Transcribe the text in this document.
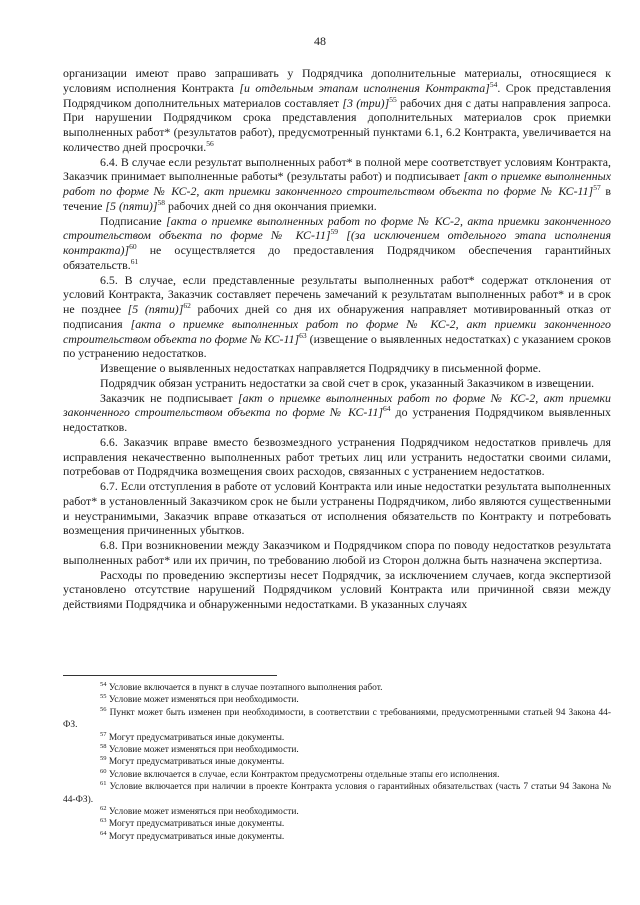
48

организации имеют право запрашивать у Подрядчика дополнительные материалы, относящиеся к условиям исполнения Контракта [и отдельным этапам исполнения Контракта]$^{54}$. Срок представления Подрядчиком дополнительных материалов составляет [3 (три)]$^{55}$ рабочих дня с даты направления запроса. При нарушении Подрядчиком срока представления дополнительных материалов срок приемки выполненных работ* (результатов работ), предусмотренный пунктами 6.1, 6.2 Контракта, увеличивается на количество дней просрочки.$^{56}$

6.4. В случае если результат выполненных работ* в полной мере соответствует условиям Контракта, Заказчик принимает выполненные работы* (результаты работ) и подписывает [акт о приемке выполненных работ по форме № КС-2, акт приемки законченного строительством объекта по форме № КС-11]$^{57}$ в течение [5 (пяти)]$^{58}$ рабочих дней со дня окончания приемки.

Подписание [акта о приемке выполненных работ по форме № КС-2, акта приемки законченного строительством объекта по форме № КС-11]$^{59}$ [(за исключением отдельного этапа исполнения контракта)]$^{60}$ не осуществляется до предоставления Подрядчиком обеспечения гарантийных обязательств.$^{61}$

6.5. В случае, если представленные результаты выполненных работ* содержат отклонения от условий Контракта, Заказчик составляет перечень замечаний к результатам выполненных работ* и в срок не позднее [5 (пяти)]$^{62}$ рабочих дней со дня их обнаружения направляет мотивированный отказ от подписания [акта о приемке выполненных работ по форме № КС-2, акт приемки законченного строительством объекта по форме № КС-11]$^{63}$ (извещение о выявленных недостатках) с указанием сроков по устранению недостатков.

Извещение о выявленных недостатках направляется Подрядчику в письменной форме.

Подрядчик обязан устранить недостатки за свой счет в срок, указанный Заказчиком в извещении.

Заказчик не подписывает [акт о приемке выполненных работ по форме № КС-2, акт приемки законченного строительством объекта по форме № КС-11]$^{64}$ до устранения Подрядчиком выявленных недостатков.

6.6. Заказчик вправе вместо безвозмездного устранения Подрядчиком недостатков привлечь для исправления некачественно выполненных работ третьих лиц или устранить недостатки своими силами, потребовав от Подрядчика возмещения своих расходов, связанных с устранением недостатков.

6.7. Если отступления в работе от условий Контракта или иные недостатки результата выполненных работ* в установленный Заказчиком срок не были устранены Подрядчиком, либо являются существенными и неустранимыми, Заказчик вправе отказаться от исполнения обязательств по Контракту и потребовать возмещения причиненных убытков.

6.8. При возникновении между Заказчиком и Подрядчиком спора по поводу недостатков результата выполненных работ* или их причин, по требованию любой из Сторон должна быть назначена экспертиза.

Расходы по проведению экспертизы несет Подрядчик, за исключением случаев, когда экспертизой установлено отсутствие нарушений Подрядчиком условий Контракта или причинной связи между действиями Подрядчика и обнаруженными недостатками. В указанных случаях

$^{54}$ Условие включается в пункт в случае поэтапного выполнения работ.

$^{55}$ Условие может изменяться при необходимости.

$^{56}$ Пункт может быть изменен при необходимости, в соответствии с требованиями, предусмотренными статьей 94 Закона 44-ФЗ.

$^{57}$ Могут предусматриваться иные документы.

$^{58}$ Условие может изменяться при необходимости.

$^{59}$ Могут предусматриваться иные документы.

$^{60}$ Условие включается в случае, если Контрактом предусмотрены отдельные этапы его исполнения.

$^{61}$ Условие включается при наличии в проекте Контракта условия о гарантийных обязательствах (часть 7 статьи 94 Закона № 44-ФЗ).

$^{62}$ Условие может изменяться при необходимости.

$^{63}$ Могут предусматриваться иные документы.

$^{64}$ Могут предусматриваться иные документы.
